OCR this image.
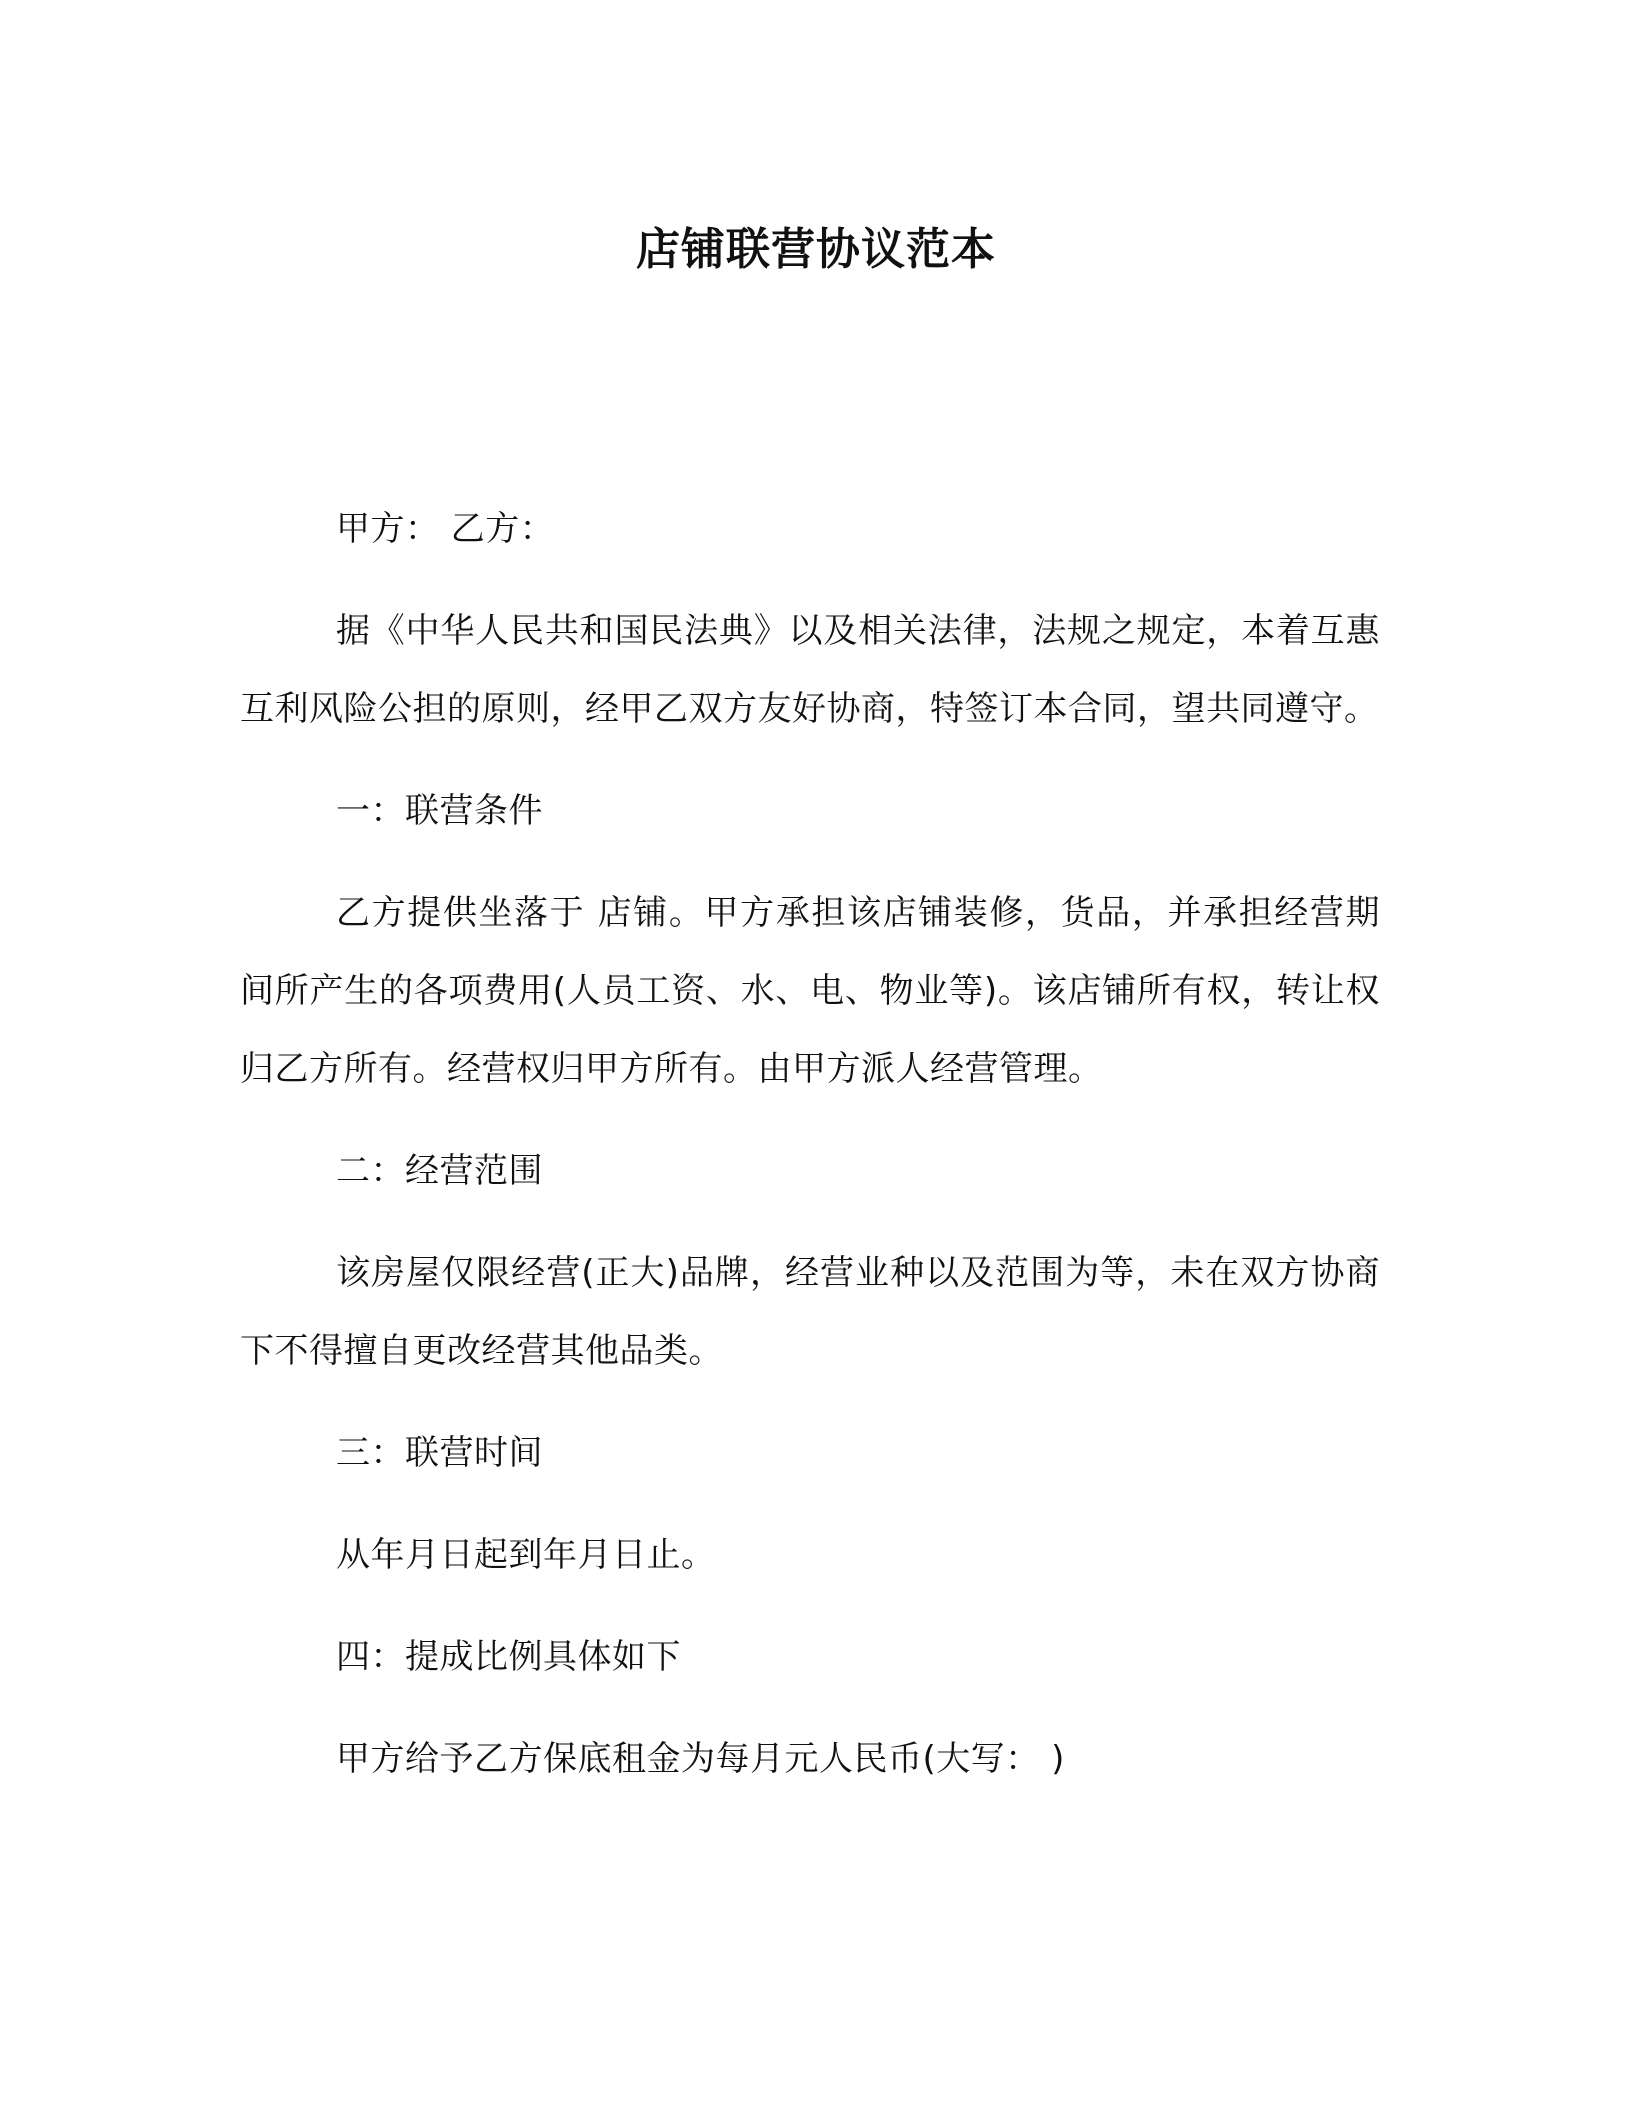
店铺联营协议范本

甲方： 乙方：

据《中华人民共和国民法典》以及相关法律，法规之规定，本着互惠互利风险公担的原则，经甲乙双方友好协商，特签订本合同，望共同遵守。

一：联营条件

乙方提供坐落于 店铺。甲方承担该店铺装修，货品，并承担经营期间所产生的各项费用(人员工资、水、电、物业等)。该店铺所有权，转让权归乙方所有。经营权归甲方所有。由甲方派人经营管理。

二：经营范围

该房屋仅限经营(正大)品牌，经营业种以及范围为等，未在双方协商下不得擅自更改经营其他品类。

三：联营时间

从年月日起到年月日止。

四：提成比例具体如下

甲方给予乙方保底租金为每月元人民币(大写： )
